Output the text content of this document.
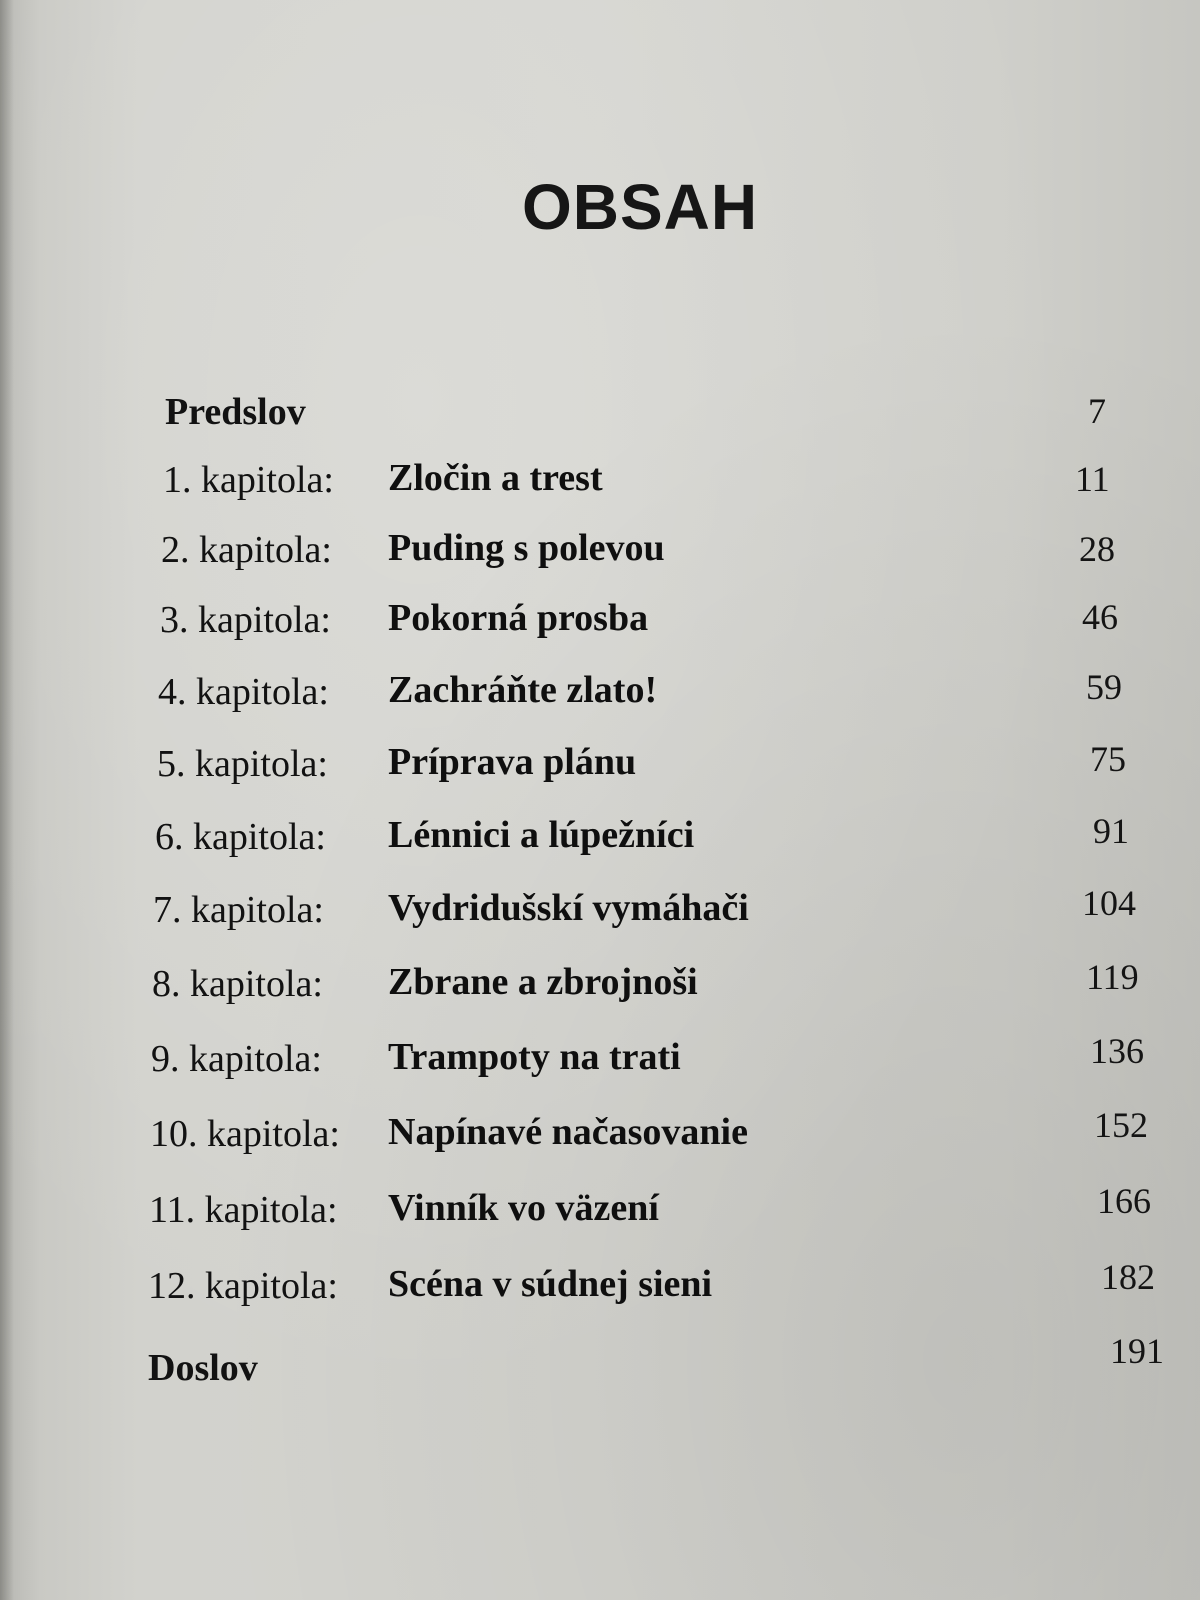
OBSAH
Predslov	7
1. kapitola: Zločin a trest	11
2. kapitola: Puding s polevou	28
3. kapitola: Pokorná prosba	46
4. kapitola: Zachráňte zlato!	59
5. kapitola: Príprava plánu	75
6. kapitola: Lénnici a lúpežníci	91
7. kapitola: Vydridušskí vymáhači	104
8. kapitola: Zbrane a zbrojnoši	119
9. kapitola: Trampoty na trati	136
10. kapitola: Napínavé načasovanie	152
11. kapitola: Vinník vo väzení	166
12. kapitola: Scéna v súdnej sieni	182
Doslov	191
